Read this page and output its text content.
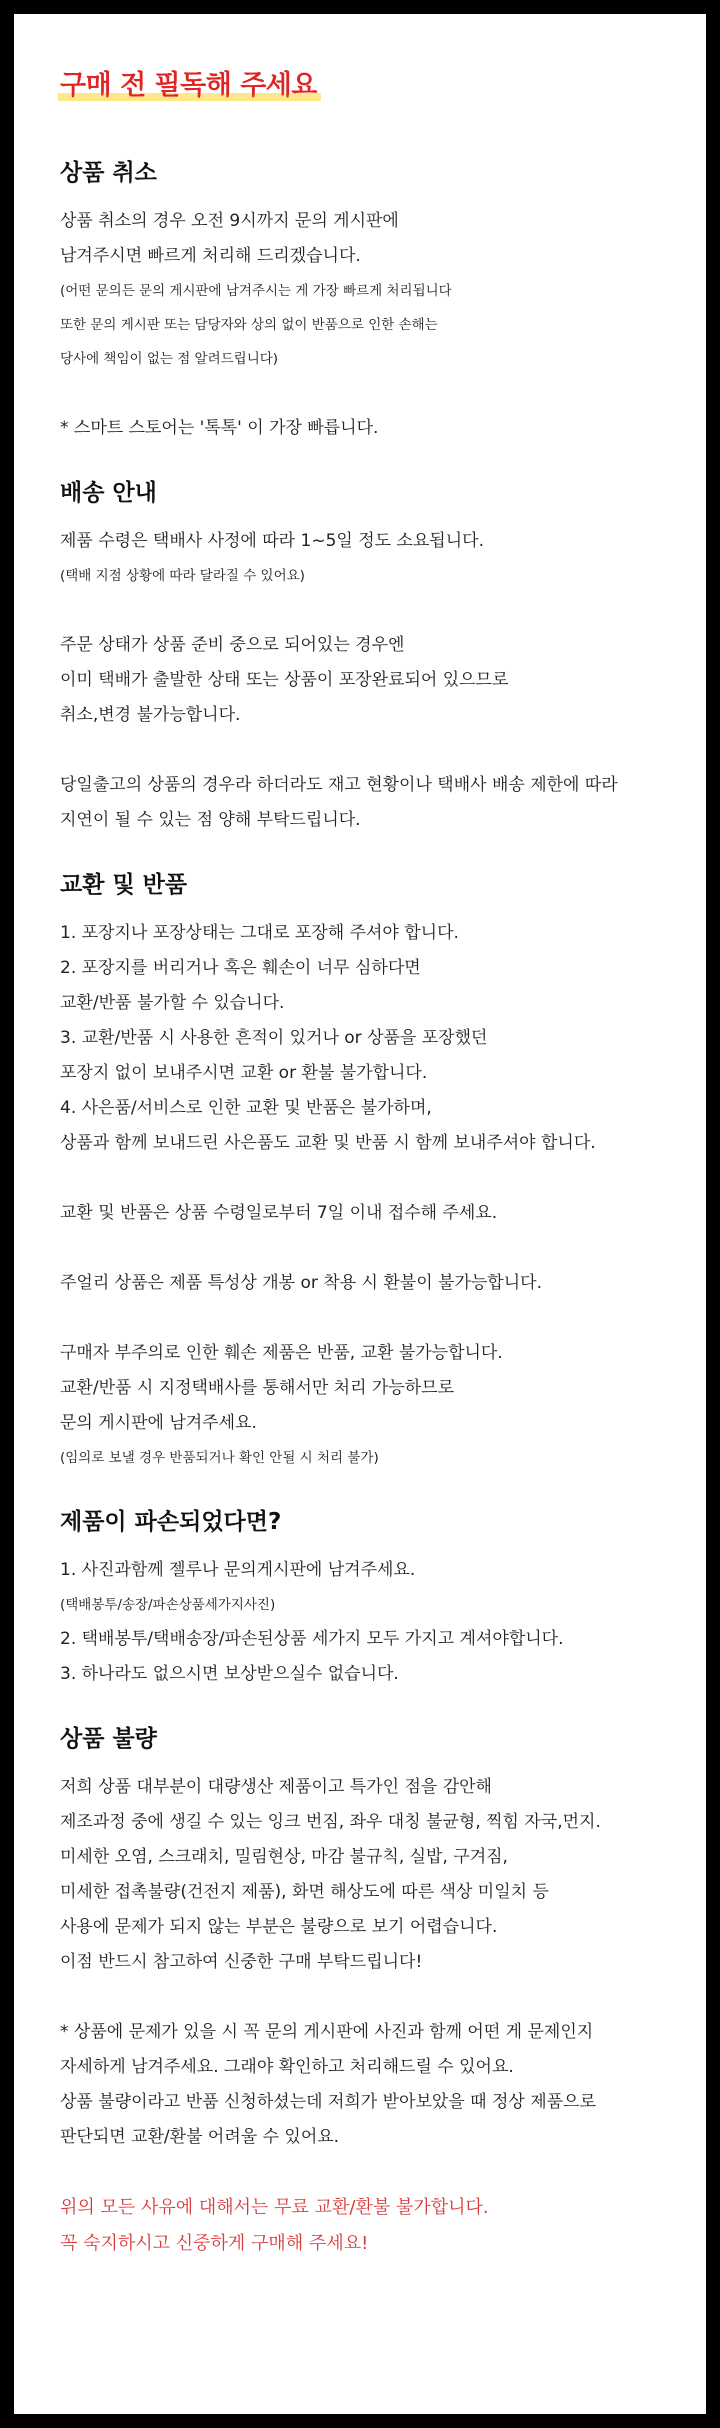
구매 전 필독해 주세요
상품 취소
상품 취소의 경우 오전 9시까지 문의 게시판에
남겨주시면 빠르게 처리해 드리겠습니다.
(어떤 문의든 문의 게시판에 남겨주시는 게 가장 빠르게 처리됩니다
또한 문의 게시판 또는 담당자와 상의 없이 반품으로 인한 손해는
당사에 책임이 없는 점 알려드립니다)
* 스마트 스토어는 '톡톡' 이 가장 빠릅니다.
배송 안내
제품 수령은 택배사 사정에 따라 1~5일 정도 소요됩니다.
(택배 지점 상황에 따라 달라질 수 있어요)
주문 상태가 상품 준비 중으로 되어있는 경우엔
이미 택배가 출발한 상태 또는 상품이 포장완료되어 있으므로
취소,변경 불가능합니다.
당일출고의 상품의 경우라 하더라도 재고 현황이나 택배사 배송 제한에 따라
지연이 될 수 있는 점 양해 부탁드립니다.
교환 및 반품
1. 포장지나 포장상태는 그대로 포장해 주셔야 합니다.
2. 포장지를 버리거나 혹은 훼손이 너무 심하다면
교환/반품 불가할 수 있습니다.
3. 교환/반품 시 사용한 흔적이 있거나 or 상품을 포장했던
포장지 없이 보내주시면 교환 or 환불 불가합니다.
4. 사은품/서비스로 인한 교환 및 반품은 불가하며,
상품과 함께 보내드린 사은품도 교환 및 반품 시 함께 보내주셔야 합니다.
교환 및 반품은 상품 수령일로부터 7일 이내 접수해 주세요.
주얼리 상품은 제품 특성상 개봉 or 착용 시 환불이 불가능합니다.
구매자 부주의로 인한 훼손 제품은 반품, 교환 불가능합니다.
교환/반품 시 지정택배사를 통해서만 처리 가능하므로
문의 게시판에 남겨주세요.
(임의로 보낼 경우 반품되거나 확인 안될 시 처리 불가)
제품이 파손되었다면?
1. 사진과함께 젤루나 문의게시판에 남겨주세요.
(택배봉투/송장/파손상품세가지사진)
2. 택배봉투/택배송장/파손된상품 세가지 모두 가지고 계셔야합니다.
3. 하나라도 없으시면 보상받으실수 없습니다.
상품 불량
저희 상품 대부분이 대량생산 제품이고 특가인 점을 감안해
제조과정 중에 생길 수 있는 잉크 번짐, 좌우 대칭 불균형, 찍힘 자국,먼지.
미세한 오염, 스크래치, 밀림현상, 마감 불규칙, 실밥, 구겨짐,
미세한 접촉불량(건전지 제품), 화면 해상도에 따른 색상 미일치 등
사용에 문제가 되지 않는 부분은 불량으로 보기 어렵습니다.
이점 반드시 참고하여 신중한 구매 부탁드립니다!
* 상품에 문제가 있을 시 꼭 문의 게시판에 사진과 함께 어떤 게 문제인지
자세하게 남겨주세요. 그래야 확인하고 처리해드릴 수 있어요.
상품 불량이라고 반품 신청하셨는데 저희가 받아보았을 때 정상 제품으로
판단되면 교환/환불 어려울 수 있어요.
위의 모든 사유에 대해서는 무료 교환/환불 불가합니다.
꼭 숙지하시고 신중하게 구매해 주세요!
